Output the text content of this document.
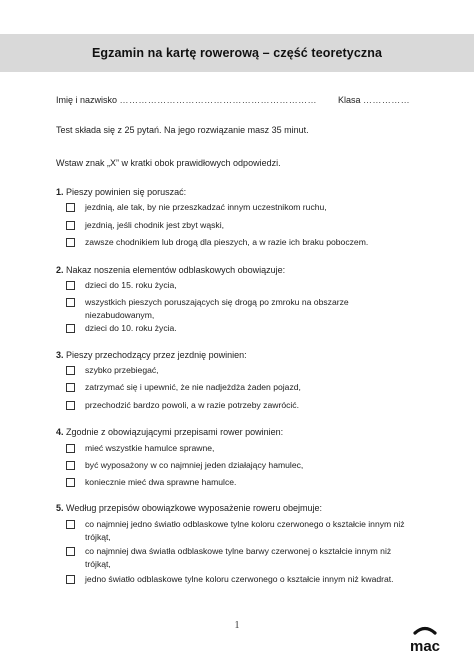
Egzamin na kartę rowerową – część teoretyczna
Imię i nazwisko ……………………………………………………… Klasa ……………
Test składa się z 25 pytań. Na jego rozwiązanie masz 35 minut.
Wstaw znak „X” w kratki obok prawidłowych odpowiedzi.
1. Pieszy powinien się poruszać:
jezdnią, ale tak, by nie przeszkadzać innym uczestnikom ruchu,
jezdnią, jeśli chodnik jest zbyt wąski,
zawsze chodnikiem lub drogą dla pieszych, a w razie ich braku poboczem.
2. Nakaz noszenia elementów odblaskowych obowiązuje:
dzieci do 15. roku życia,
wszystkich pieszych poruszających się drogą po zmroku na obszarze niezabudowanym,
dzieci do 10. roku życia.
3. Pieszy przechodzący przez jezdnię powinien:
szybko przebiegać,
zatrzymać się i upewnić, że nie nadjeżdża żaden pojazd,
przechodzić bardzo powoli, a w razie potrzeby zawrócić.
4. Zgodnie z obowiązującymi przepisami rower powinien:
mieć wszystkie hamulce sprawne,
być wyposażony w co najmniej jeden działający hamulec,
koniecznie mieć dwa sprawne hamulce.
5. Według przepisów obowiązkowe wyposażenie roweru obejmuje:
co najmniej jedno światło odblaskowe tylne koloru czerwonego o kształcie innym niż trójkąt,
co najmniej dwa światła odblaskowe tylne barwy czerwonej o kształcie innym niż trójkąt,
jedno światło odblaskowe tylne koloru czerwonego o kształcie innym niż kwadrat.
1
mac
